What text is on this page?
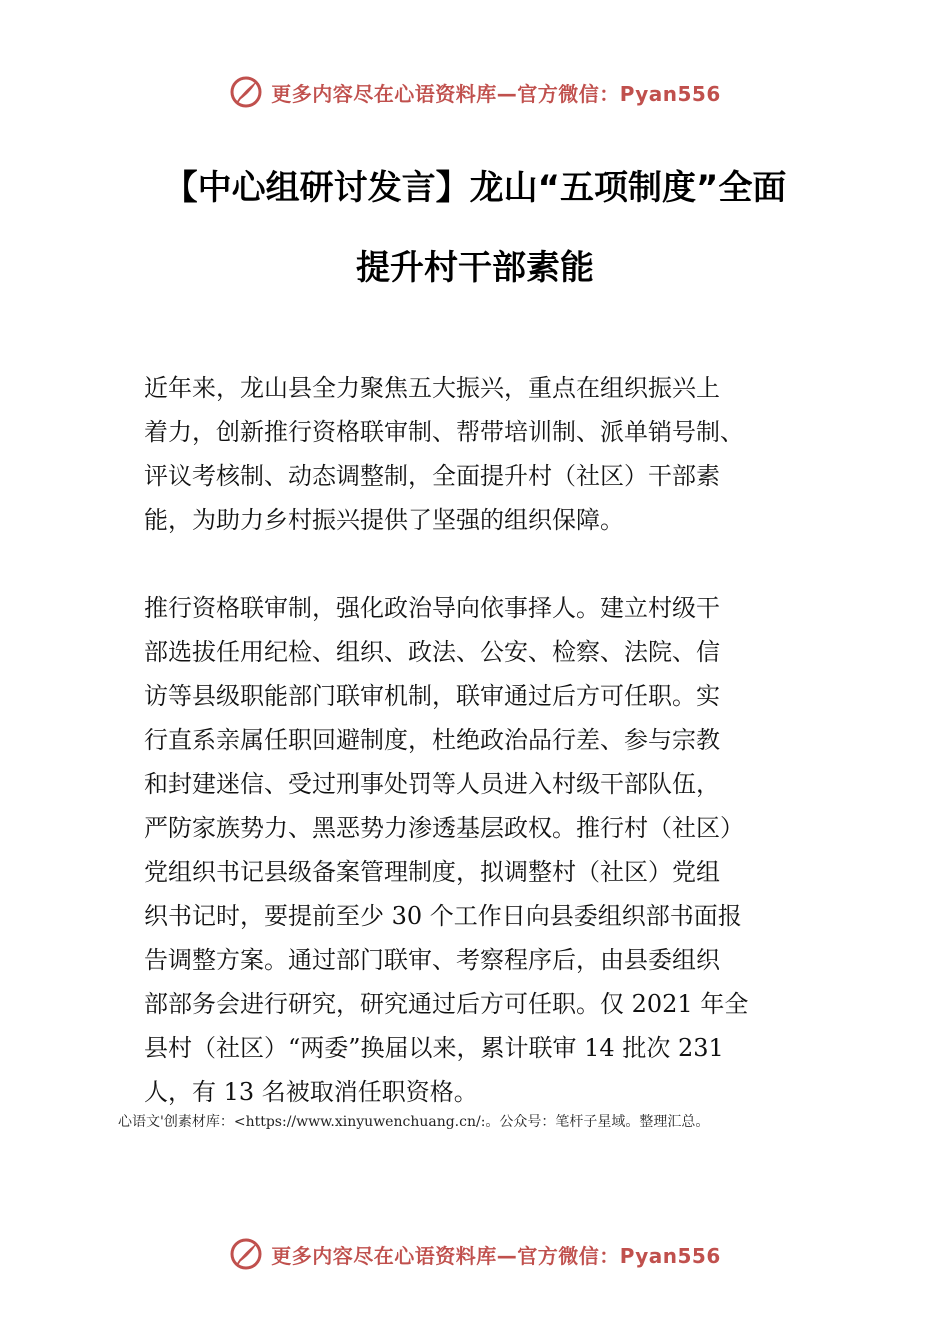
更多内容尽在心语资料库—官方微信：Pyan556
【中心组研讨发言】龙山“五项制度”全面
提升村干部素能

近年来，龙山县全力聚焦五大振兴，重点在组织振兴上
着力，创新推行资格联审制、帮带培训制、派单销号制、
评议考核制、动态调整制，全面提升村（社区）干部素
能，为助力乡村振兴提供了坚强的组织保障。

推行资格联审制，强化政治导向依事择人。建立村级干
部选拔任用纪检、组织、政法、公安、检察、法院、信
访等县级职能部门联审机制，联审通过后方可任职。实
行直系亲属任职回避制度，杜绝政治品行差、参与宗教
和封建迷信、受过刑事处罚等人员进入村级干部队伍，
严防家族势力、黑恶势力渗透基层政权。推行村（社区）
党组织书记县级备案管理制度，拟调整村（社区）党组
织书记时，要提前至少 30 个工作日向县委组织部书面报
告调整方案。通过部门联审、考察程序后，由县委组织
部部务会进行研究，研究通过后方可任职。仅 2021 年全
县村（社区）“两委”换届以来，累计联审 14 批次 231
人，有 13 名被取消任职资格。

心语文'创素材库：<https://www.xinyuwenchuang.cn/:。公众号：笔杆子星域。整理汇总。

更多内容尽在心语资料库—官方微信：Pyan556
